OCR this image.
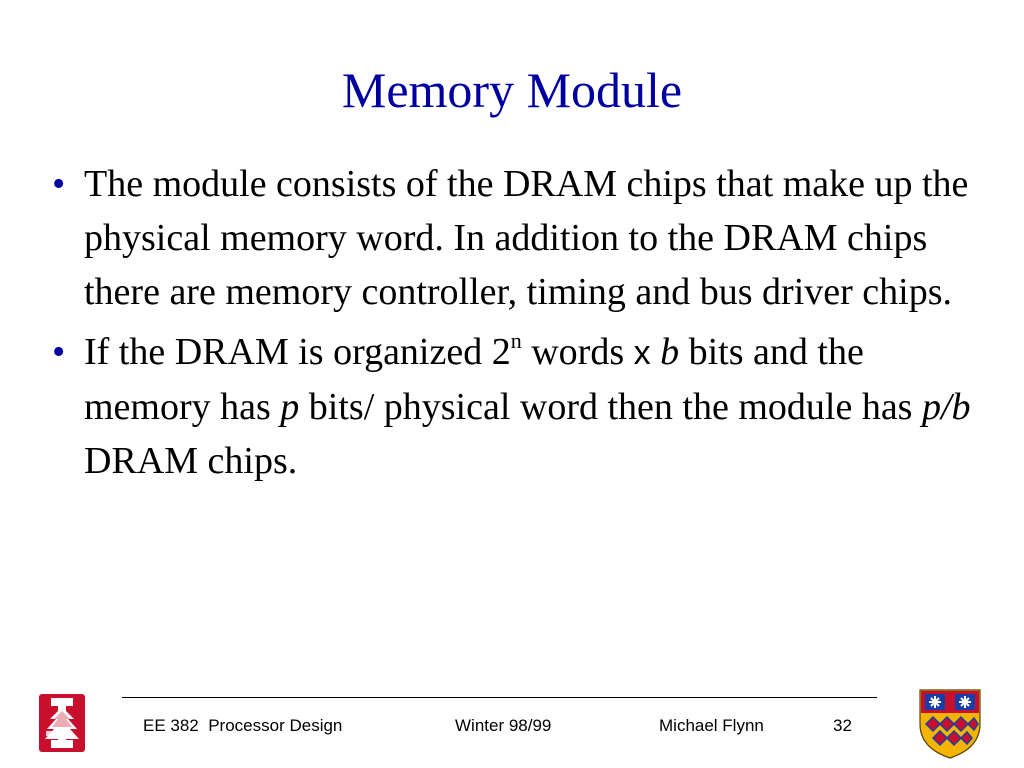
Memory Module
• The module consists of the DRAM chips that make up the physical memory word. In addition to the DRAM chips there are memory controller, timing and bus driver chips.
• If the DRAM is organized 2$^n$ words x b bits and the memory has p bits/ physical word then the module has p/b DRAM chips.
EE 382  Processor Design	Winter 98/99	Michael Flynn	32
